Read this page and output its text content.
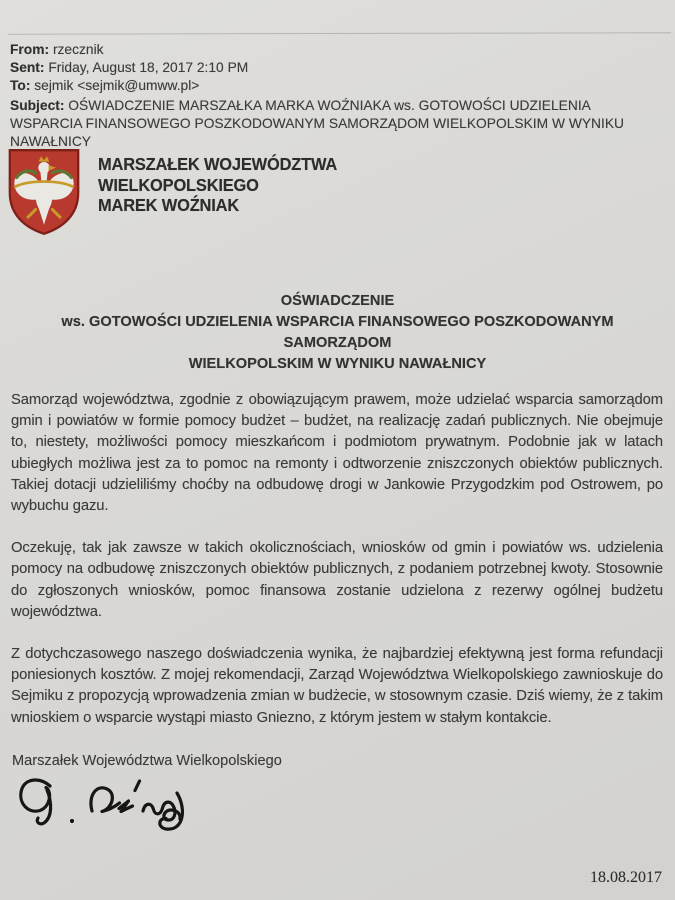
From: rzecznik

Sent: Friday, August 18, 2017 2:10 PM

To: sejmik <sejmik@umww.pl>

Subject: OŚWIADCZENIE MARSZAŁKA MARKA WOŹNIAKA ws. GOTOWOŚCI UDZIELENIA WSPARCIA FINANSOWEGO POSZKODOWANYM SAMORZĄDOM WIELKOPOLSKIM W WYNIKU NAWAŁNICY

MARSZAŁEK WOJEWÓDZTWA
WIELKOPOLSKIEGO
MAREK WOŹNIAK
OŚWIADCZENIE
ws. GOTOWOŚCI UDZIELENIA WSPARCIA FINANSOWEGO POSZKODOWANYM SAMORZĄDOM
WIELKOPOLSKIM W WYNIKU NAWAŁNICY

Samorząd województwa, zgodnie z obowiązującym prawem, może udzielać wsparcia samorządom gmin i powiatów w formie pomocy budżet – budżet, na realizację zadań publicznych. Nie obejmuje to, niestety, możliwości pomocy mieszkańcom i podmiotom prywatnym. Podobnie jak w latach ubiegłych możliwa jest za to pomoc na remonty i odtworzenie zniszczonych obiektów publicznych. Takiej dotacji udzieliliśmy choćby na odbudowę drogi w Jankowie Przygodzkim pod Ostrowem, po wybuchu gazu.

Oczekuję, tak jak zawsze w takich okolicznościach, wniosków od gmin i powiatów ws. udzielenia pomocy na odbudowę zniszczonych obiektów publicznych, z podaniem potrzebnej kwoty. Stosownie do zgłoszonych wniosków, pomoc finansowa zostanie udzielona z rezerwy ogólnej budżetu województwa.

Z dotychczasowego naszego doświadczenia wynika, że najbardziej efektywną jest forma refundacji poniesionych kosztów. Z mojej rekomendacji, Zarząd Województwa Wielkopolskiego zawnioskuje do Sejmiku z propozycją wprowadzenia zmian w budżecie, w stosownym czasie. Dziś wiemy, że z takim wnioskiem o wsparcie wystąpi miasto Gniezno, z którym jestem w stałym kontakcie.

Marszałek Województwa Wielkopolskiego
18.08.2017
